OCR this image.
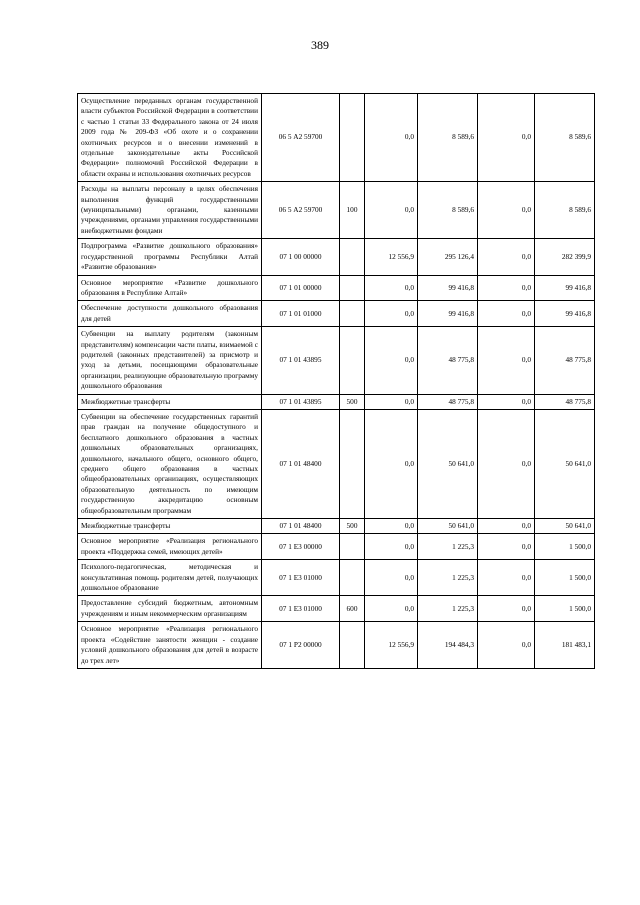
389
Осуществление переданных органам государственной власти субъектов Российской Федерации в соответствии с частью 1 статьи 33 Федерального закона от 24 июля 2009 года № 209-ФЗ «Об охоте и о сохранении охотничьих ресурсов и о внесении изменений в отдельные законодательные акты Российской Федерации» полномочий Российской Федерации в области охраны и использования охотничьих ресурсов	06 5 А2 59700		0,0	8 589,6	0,0	8 589,6
Расходы на выплаты персоналу в целях обеспечения выполнения функций государственными (муниципальными) органами, казенными учреждениями, органами управления государственными внебюджетными фондами	06 5 А2 59700	100	0,0	8 589,6	0,0	8 589,6
Подпрограмма «Развитие дошкольного образования» государственной программы Республики Алтай «Развитие образования»	07 1 00 00000		12 556,9	295 126,4	0,0	282 399,9
Основное мероприятие «Развитие дошкольного образования в Республике Алтай»	07 1 01 00000		0,0	99 416,8	0,0	99 416,8
Обеспечение доступности дошкольного образования для детей	07 1 01 01000		0,0	99 416,8	0,0	99 416,8
Субвенции на выплату родителям (законным представителям) компенсации части платы, взимаемой с родителей (законных представителей) за присмотр и уход за детьми, посещающими образовательные организации, реализующие образовательную программу дошкольного образования	07 1 01 43895		0,0	48 775,8	0,0	48 775,8
Межбюджетные трансферты	07 1 01 43895	500	0,0	48 775,8	0,0	48 775,8
Субвенции на обеспечение государственных гарантий прав граждан на получение общедоступного и бесплатного дошкольного образования в частных дошкольных образовательных организациях, дошкольного, начального общего, основного общего, среднего общего образования в частных общеобразовательных организациях, осуществляющих образовательную деятельность по имеющим государственную аккредитацию основным общеобразовательным программам	07 1 01 48400		0,0	50 641,0	0,0	50 641,0
Межбюджетные трансферты	07 1 01 48400	500	0,0	50 641,0	0,0	50 641,0
Основное мероприятие «Реализация регионального проекта «Поддержка семей, имеющих детей»	07 1 E3 00000		0,0	1 225,3	0,0	1 500,0
Психолого-педагогическая, методическая и консультативная помощь родителям детей, получающих дошкольное образование	07 1 E3 01000		0,0	1 225,3	0,0	1 500,0
Предоставление субсидий бюджетным, автономным учреждениям и иным некоммерческим организациям	07 1 E3 01000	600	0,0	1 225,3	0,0	1 500,0
Основное мероприятие «Реализация регионального проекта «Содействие занятости женщин - создание условий дошкольного образования для детей в возрасте до трех лет»	07 1 P2 00000		12 556,9	194 484,3	0,0	181 483,1
